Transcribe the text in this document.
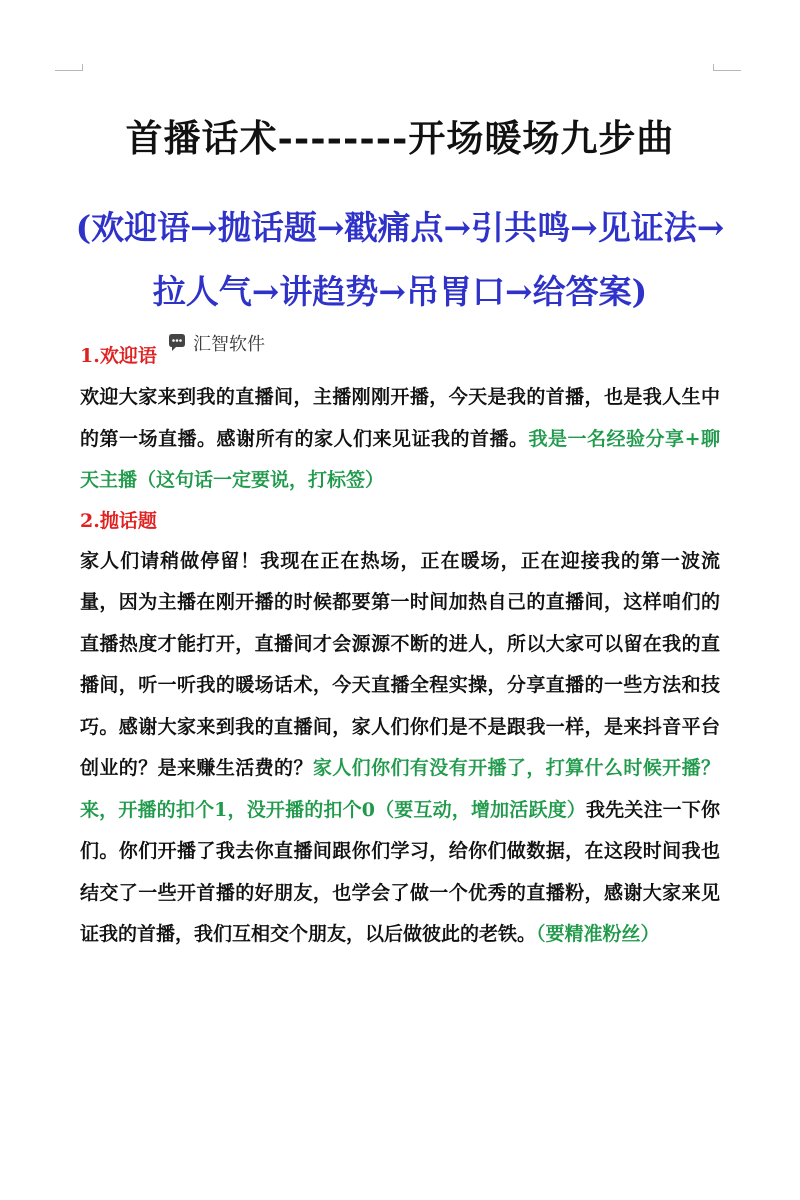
首播话术--------开场暖场九步曲
(欢迎语→抛话题→戳痛点→引共鸣→见证法→拉人气→讲趋势→吊胃口→给答案)
1.欢迎语
欢迎大家来到我的直播间，主播刚刚开播，今天是我的首播，也是我人生中的第一场直播。感谢所有的家人们来见证我的首播。我是一名经验分享+聊天主播（这句话一定要说，打标签）
2.抛话题
家人们请稍做停留！我现在正在热场，正在暖场，正在迎接我的第一波流量，因为主播在刚开播的时候都要第一时间加热自己的直播间，这样咱们的直播热度才能打开，直播间才会源源不断的进人，所以大家可以留在我的直播间，听一听我的暖场话术，今天直播全程实操，分享直播的一些方法和技巧。感谢大家来到我的直播间，家人们你们是不是跟我一样，是来抖音平台创业的？是来赚生活费的？家人们你们有没有开播了，打算什么时候开播？来，开播的扣个1，没开播的扣个0（要互动，增加活跃度）我先关注一下你们。你们开播了我去你直播间跟你们学习，给你们做数据，在这段时间我也结交了一些开首播的好朋友，也学会了做一个优秀的直播粉，感谢大家来见证我的首播，我们互相交个朋友，以后做彼此的老铁。（要精准粉丝）
汇智软件
